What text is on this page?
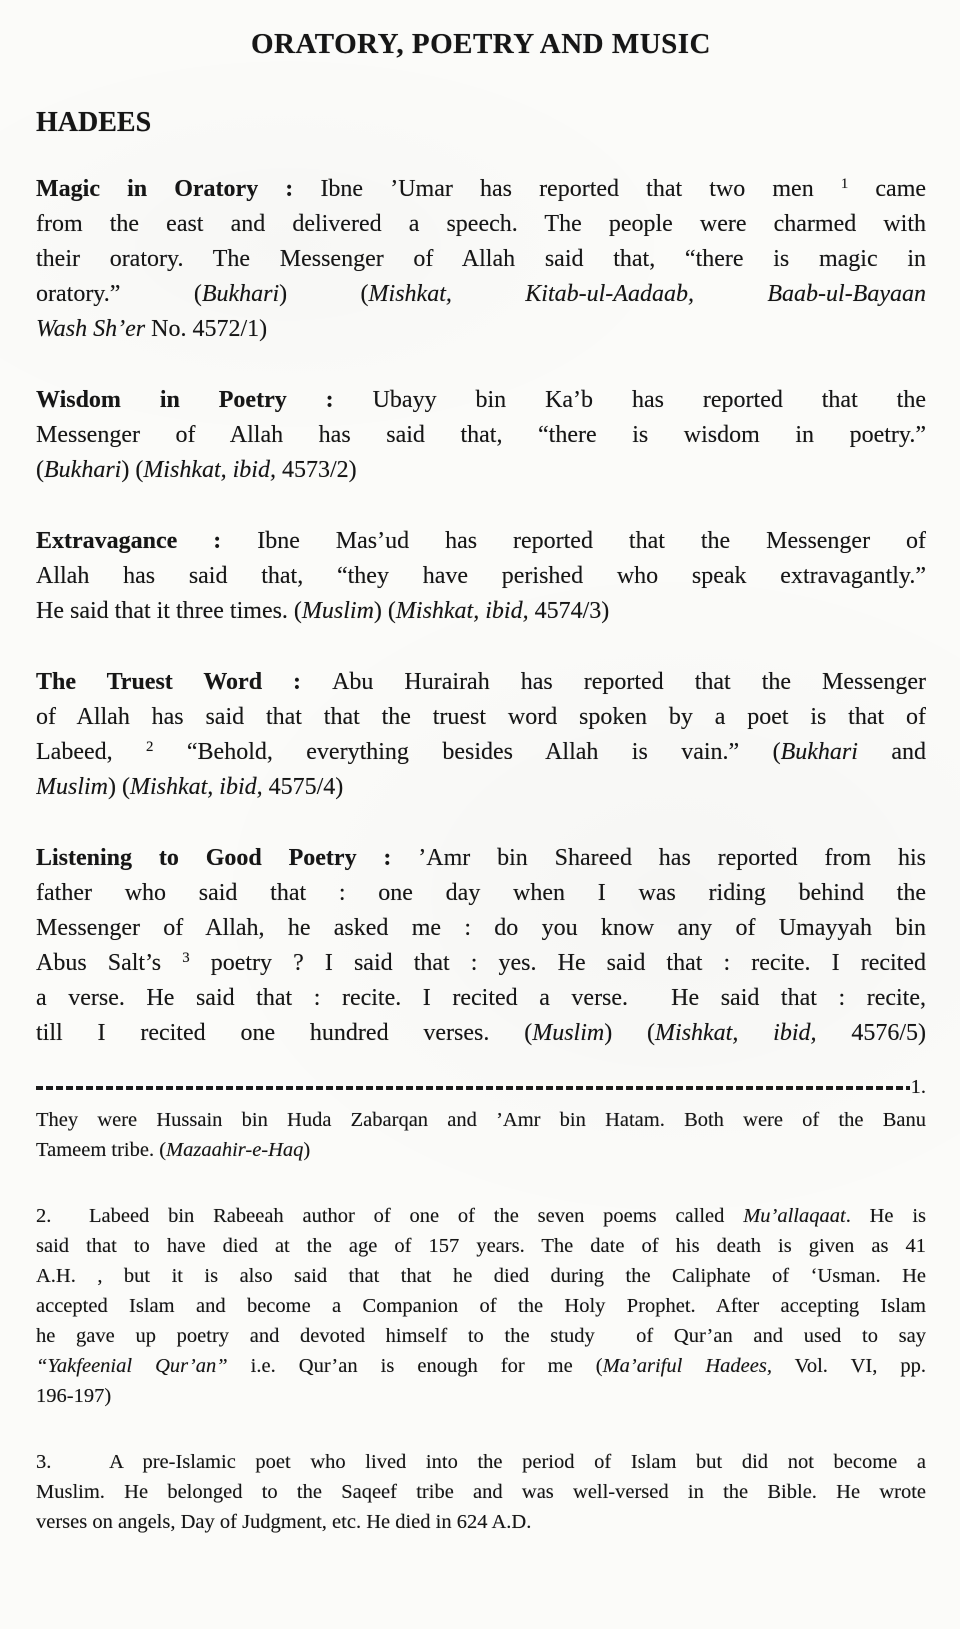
ORATORY, POETRY AND MUSIC
HADEES
Magic in Oratory : Ibne ’Umar has reported that two men $^1$ came
from the east and delivered a speech. The people were charmed with
their oratory. The Messenger of Allah said that, “there is magic in
oratory.” (Bukhari) (Mishkat, Kitab-ul-Aadaab, Baab-ul-Bayaan
Wash Sh’er No. 4572/1)
Wisdom in Poetry : Ubayy bin Ka’b has reported that the
Messenger of Allah has said that, “there is wisdom in poetry.”
(Bukhari) (Mishkat, ibid, 4573/2)
Extravagance : Ibne Mas’ud has reported that the Messenger of
Allah has said that, “they have perished who speak extravagantly.”
He said that it three times. (Muslim) (Mishkat, ibid, 4574/3)
The Truest Word : Abu Hurairah has reported that the Messenger
of Allah has said that that the truest word spoken by a poet is that of
Labeed, $^2$ “Behold, everything besides Allah is vain.” (Bukhari and
Muslim) (Mishkat, ibid, 4575/4)
Listening to Good Poetry : ’Amr bin Shareed has reported from his
father who said that : one day when I was riding behind the
Messenger of Allah, he asked me : do you know any of Umayyah bin
Abus Salt’s $^3$ poetry ? I said that : yes. He said that : recite. I recited
a verse. He said that : recite. I recited a verse.  He said that : recite,
till I recited one hundred verses. (Muslim) (Mishkat, ibid, 4576/5)
1.
They were Hussain bin Huda Zabarqan and ’Amr bin Hatam. Both were of the Banu
Tameem tribe. (Mazaahir-e-Haq)
2.  Labeed bin Rabeeah author of one of the seven poems called Mu’allaqaat. He is
said that to have died at the age of 157 years. The date of his death is given as 41
A.H. , but it is also said that that he died during the Caliphate of ‘Usman. He
accepted Islam and become a Companion of the Holy Prophet. After accepting Islam
he gave up poetry and devoted himself to the study  of Qur’an and used to say
“Yakfeenial Qur’an” i.e. Qur’an is enough for me (Ma’ariful Hadees, Vol. VI, pp.
196-197)
3.   A pre-Islamic poet who lived into the period of Islam but did not become a
Muslim. He belonged to the Saqeef tribe and was well-versed in the Bible. He wrote
verses on angels, Day of Judgment, etc. He died in 624 A.D.
